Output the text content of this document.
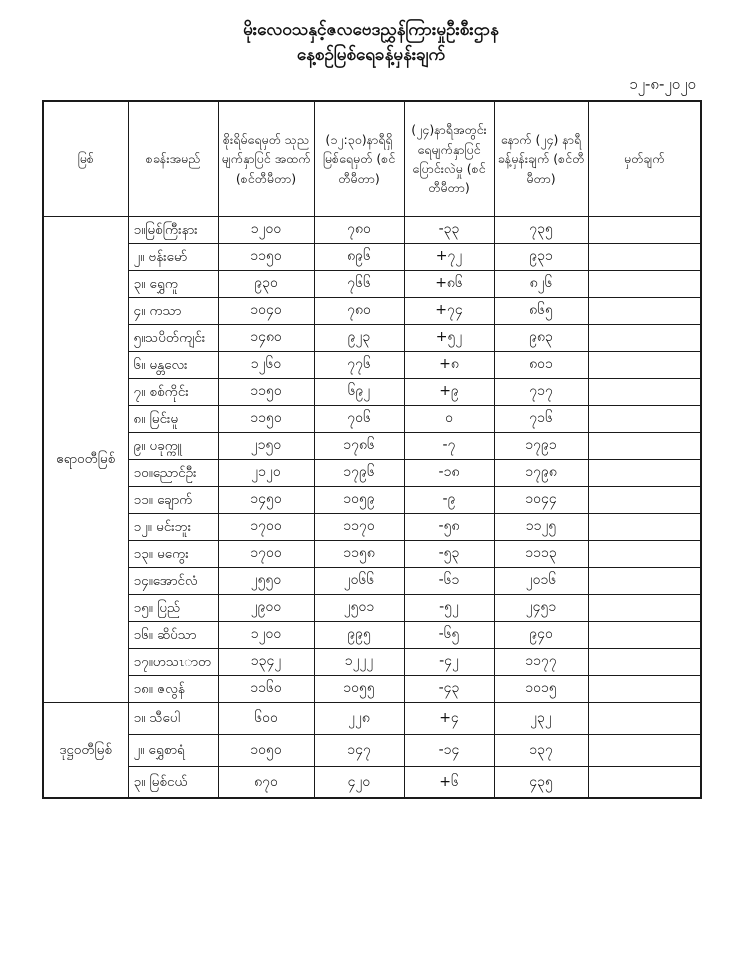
မိုးလေဝသနှင့်ဇလဗေဒညွှန်ကြားမှုဦးစီးဌာန
နေ့စဉ်မြစ်ရေခန့်မှန်းချက်
၁၂-၈-၂၀၂၀
မြစ်	စခန်းအမည်	စိုးရိမ်ရေမှတ် သုညမျက်နှာပြင် အထက် (စင်တီမီတာ)	(၁၂:၃၀)နာရီရှိ မြစ်ရေမှတ် (စင်တီမီတာ)	(၂၄)နာရီအတွင်း ရေမျက်နှာပြင် ပြောင်းလဲမှု (စင်တီမီတာ)	နောက် (၂၄) နာရီ ခန့်မှန်းချက် (စင်တီမီတာ)	မှတ်ချက်
ဧရာဝတီမြစ်	၁။မြစ်ကြီးနား	၁၂၀၀	၇၈၀	-၃၃	၇၃၅	
	၂။ ဗန်းမော်	၁၁၅၀	၈၉၆	+၇၂	၉၃၁	
	၃။ ရွှေကူ	၉၃၀	၇၆၆	+၈၆	၈၂၆	
	၄။ ကသာ	၁၀၄၀	၇၈၀	+၇၄	၈၆၅	
	၅။သပိတ်ကျင်း	၁၄၈၀	၉၂၃	+၅၂	၉၈၃	
	၆။ မန္တလေး	၁၂၆၀	၇၇၆	+၈	၈၀၁	
	၇။ စစ်ကိုင်း	၁၁၅၀	၆၉၂	+၉	၇၁၇	
	၈။ မြင်းမူ	၁၁၅၀	၇၀၆	၀	၇၁၆	
	၉။ ပခုက္ကူ	၂၁၅၀	၁၇၈၆	-၇	၁၇၉၁	
	၁၀။ညောင်ဦး	၂၁၂၀	၁၇၉၆	-၁၈	၁၇၉၈	
	၁၁။ ချောက်	၁၄၅၀	၁၀၅၉	-၉	၁၀၄၄	
	၁၂။ မင်းဘူး	၁၇၀၀	၁၁၇၀	-၅၈	၁၁၂၅	
	၁၃။ မကွေး	၁၇၀၀	၁၁၅၈	-၅၃	၁၁၁၃	
	၁၄။အောင်လံ	၂၅၅၀	၂၀၆၆	-၆၁	၂၀၁၆	
	၁၅။ ပြည်	၂၉၀၀	၂၅၀၁	-၅၂	၂၄၅၁	
	၁၆။ ဆိပ်သာ	၁၂၀၀	၉၉၅	-၆၅	၉၄၀	
	၁၇။ဟသၤာတ	၁၃၄၂	၁၂၂၂	-၄၂	၁၁၇၇	
	၁၈။ ဇလွန်	၁၁၆၀	၁၀၅၅	-၄၃	၁၀၁၅	
ဒုဋ္ဌဝတီမြစ်	၁။ သီပေါ	၆၀၀	၂၂၈	+၄	၂၃၂	
	၂။ ရွှေစာရံ	၁၀၅၀	၁၄၇	-၁၄	၁၃၇	
	၃။ မြစ်ငယ်	၈၇၀	၄၂၀	+၆	၄၃၅	
